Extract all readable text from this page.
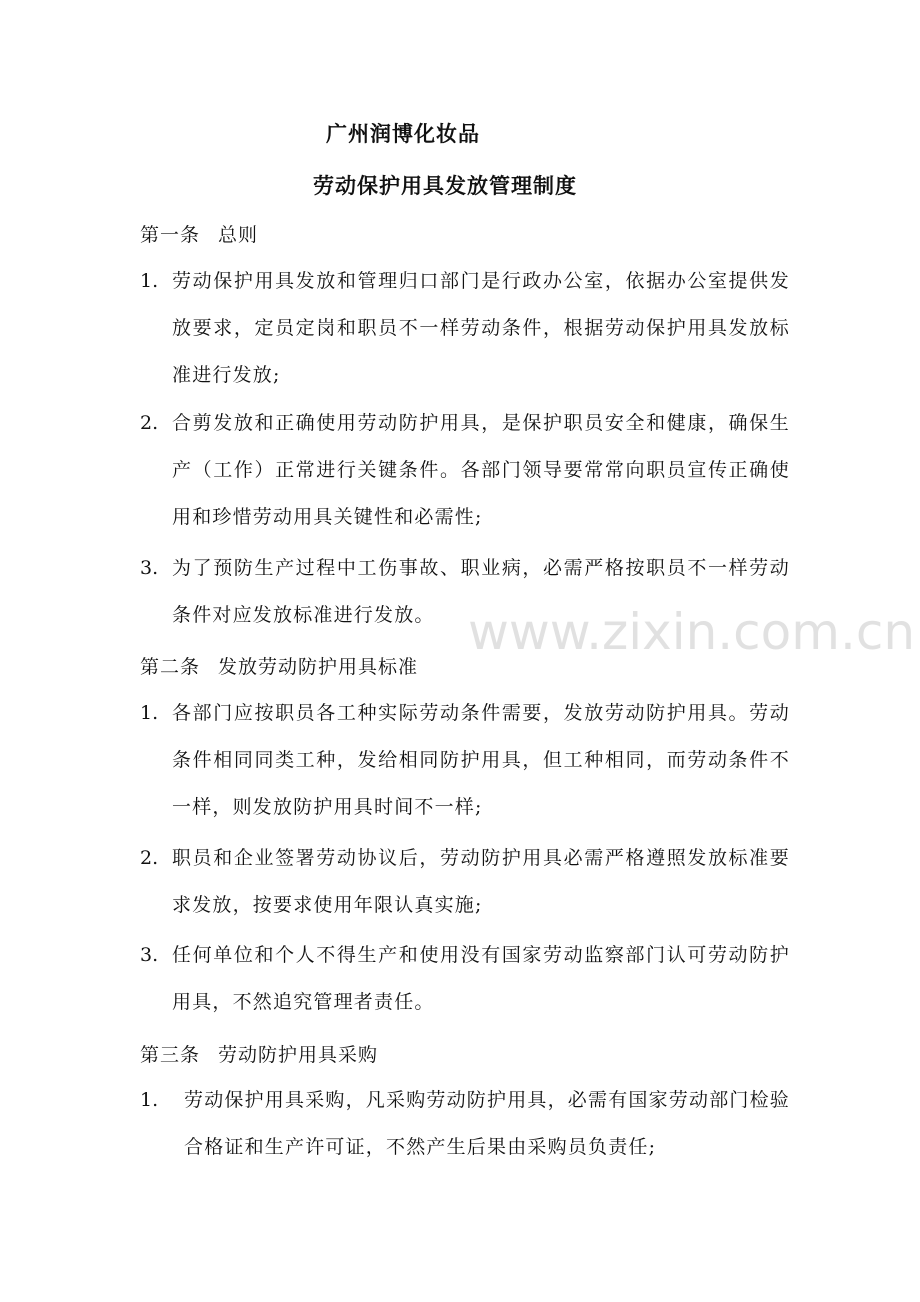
广州润博化妆品
劳动保护用具发放管理制度
第一条 总则
1. 劳动保护用具发放和管理归口部门是行政办公室，依据办公室提供发放要求，定员定岗和职员不一样劳动条件，根据劳动保护用具发放标准进行发放;
2. 合剪发放和正确使用劳动防护用具，是保护职员安全和健康，确保生产（工作）正常进行关键条件。各部门领导要常常向职员宣传正确使用和珍惜劳动用具关键性和必需性;
3. 为了预防生产过程中工伤事故、职业病，必需严格按职员不一样劳动条件对应发放标准进行发放。
第二条 发放劳动防护用具标准
1. 各部门应按职员各工种实际劳动条件需要，发放劳动防护用具。劳动条件相同同类工种，发给相同防护用具，但工种相同，而劳动条件不一样，则发放防护用具时间不一样;
2. 职员和企业签署劳动协议后，劳动防护用具必需严格遵照发放标准要求发放，按要求使用年限认真实施;
3. 任何单位和个人不得生产和使用没有国家劳动监察部门认可劳动防护用具，不然追究管理者责任。
第三条 劳动防护用具采购
1. 劳动保护用具采购，凡采购劳动防护用具，必需有国家劳动部门检验合格证和生产许可证，不然产生后果由采购员负责任;
www.zixin.com.cn
